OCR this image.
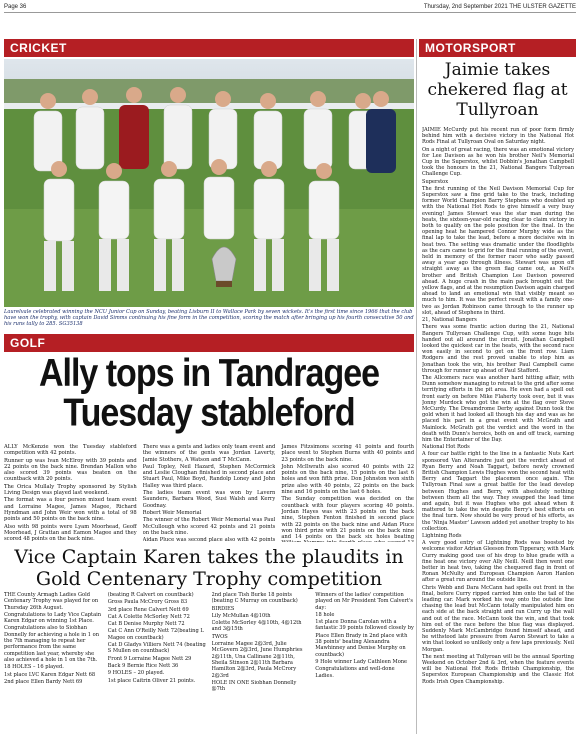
Page 36	Thursday, 2nd September 2021 THE ULSTER GAZETTE
CRICKET	MOTORSPORT
Laurelvale celebrated winning the NCU Junior Cup on Sunday, beating Lisburn II to Wallace Park by seven wickets. It's the first time since 1966 that the club have won the trophy, with captain David Simms continuing his fine form in the competition, scoring the match after bringing up his fourth consecutive 50 and his runs tally to 285. SG35138
GOLF
Ally tops in Tandragee Tuesday stableford

ALLY McKenzie won the Tuesday stableford competition with 42 points.

Runner up was Ivan McElroy with 39 points and 22 points on the back nine. Brendan Mallon who also scored 39 points was beaten on the countback with 20 points.

The Orica Mullaly Trophy sponsored by Stylish Living Design was played last weekend.

The format was a four person mixed team event and Lorraine Magee, James Magee, Richard Hyndman and John Weir won with a total of 98 points and 50 points on the back nine.

Also with 98 points were Lyam Moorhead, Geoff Moorhead, J Grattan and Eamon Magee and they scored 48 points on the back nine.

There was a gents and ladies only team event and the winners of the gents was Jordan Laverty, Jamie Stothers, A Watson and T McCann.

Paul Topley, Neil Hazard, Stephen McCormick and Leslie Cloughan finished in second place and Stuart Paul, Mike Boyd, Randolp Loney and John Halley was third place.

The ladies team event was won by Lavern Saunders, Barbara Wood, Susi Walsh and Kerry Goodnay.

Robert Weir Memorial

The winner of the Robert Weir Memorial was Paul McCullough who scored 42 points and 21 points on the back nine.

Aidan Pluce was second place also with 42 points

James Fitzsimons scoring 41 points and fourth place went to Stephen Burns with 40 points and 23 points on the back nine.

John McIlwrath also scored 40 points with 22 points on the back nine, 15 points on the last 6 holes and won fifth prize. Don Johnston won sixth prize also with 40 points, 22 points on the back nine and 16 points on the last 6 holes.

The Sunday competition was decided on the countback with four players scoring 40 points. Jordan Hayes was with 23 points on the back nine, Stephen Fenton finished in second place with 22 points on the back nine and Aidan Pluce won third prize with 21 points on the back nine and 14 points on the back six holes beating

Vice Captain Karen takes the plaudits in Gold Centenary Trophy competition

THE County Armagh Ladies Gold Centenary Trophy was played for on Thursday 26th August.

Congratulations to Lady Vice Captain Karen Edgar on winning 1st Place.

Congratulations also to Siobhan Donnelly for achieving a hole in 1 on the 7th managing to repeat her performance from the same competition last year, whereby she also achieved a hole in 1 on the 7th.

18 HOLES – 16 played.

1st place LVC Karen Edgar Nett 68

2nd place Ellen Bardy Nett 69

(beating R Calvert on countback)

Gross Paula McCrory Gross 83

3rd place Rene Calvert Nett 69

Cat A Colette McSorley Nett 72

Cat B Denise Murphy Nett 72

Cat C Ann O'Reilly Nett 72(beating L Magee on countback)

Cat D Gladys Villiers Nett 74 (beating S Mullen on countback)

Front 9 Lorraine Magee Nett 29

Back 9 Bernie Rice Nett 36

9 HOLES – 20 played.

1st place Caitrin Oliver 21 points.

2nd place Tish Burke 18 points (beating C Murray on countback)

BIRDIES

Lily McMullan 4@10th

Colette McSorley 4@10th, 4@12th and 3@15th

TWOS

Lorraine Magee 2@3rd, Julie McGovern 2@3rd, June Humphries 2@11th, Una Callinane 2@11th, Sheila Stinson 2@11th Barbara Hamilton 2@3rd, Paula McCrory 2@3rd

HOLE IN ONE Siobhan Donnelly @7th

Winners of the ladies' competition played on Mr President Tom Calvert's day:

18 hole

1st place Donna Carolan with a fantastic 39 points followed closely by

Place Ellen Brady in 2nd place with 38 points' beating Alexandra Mawhinney and Denise Murphy on countback)

9 Hole winner Lady Cathleen Mone

Congratulations and well-done Ladies.

Jaimie takes chekered flag at Tullyroan

JAIMIE McCurdy put his recent run of poor form firmly behind him with a decisive victory in the National Hot Rods Final at Tullyroan Oval on Saturday night.

On a night of great racing, there was an emotional victory for Lee Davison as he won his brother Neil's Memorial Cup in the Superstox, whilst Dobbin's Jonathan Campbell took the honours in the 21, National Bangers Tullyroan Challenge Cup.

Superstox

The first running of the Neil Davison Memorial Cup for Superstox saw a fine grid take to the track, including former World Champion Barry Stephens who doubled up with the National Hot Rods to give himself a very busy evening! James Stewart was the star man during the heats, the sixteen-year-old racing clear to claim victory in both to qualify on the pole position for the final. In the opening heat he hampered Connor Murphy wide as the final lap to take the lead, before a more decisive win in heat two. The setting was dramatic under the floodlights as the cars came to grid for the final running of the event, held in memory of the former racer who sadly passed away a year ago through illness. Stewart was upon off straight away as the green flag came out, as Neil's brother and British Champion Lee Davison powered ahead. A huge crash in the main pack brought out the yellow flags, and at the resumption Davison again charged ahead to land an emotional win that visibly meant so much to him. It was the perfect result with a family one-two as Jordan Robinson came through to the runner up slot, ahead of Stephens in third.

21, National Bangers

There was some frantic action during the 21, National Bangers Tullyroan Challenge Cup, with some huge hits handed out all around the circuit. Jonathan Campbell looked the quickest car in the heats, with the second race won easily in second to get on the front row. Liam Rodgers and the rest proved unable to stop him as Jonathan took the win, his brother Paul Campbell came through for runner up ahead of Paul Stafford.

The Allcomers race was another hard hitting affair, with Dunn somehow managing to retreat to the grid after some terrifying efforts in the pit area. He even had a spell out front early on before Mike Flaherty took over, but it was Jonny Murdock who got the win at the flag over Steve McCurdy. The Dreamdrome Derby against Dunn took the gold when it had looked all though his day and was as he placed his part in a great event with McGrath and Mainlock. McGrath got the verdict and the word in the death with Dunn's heroics, both on and off track, earning him the Entertainer of the Day.

National Hot Rods

A four car battle right to the line in a fantastic Nuts Kart sponsored Van Alterandre just got the verdict ahead of Ryan Berry and Noah Taggart, before newly crowned British Champion Lewis Hughes won the second heat with Berry and Taggart the placemen once again. The Tullyroan Final saw a great battle for the lead develop between Hughes and Berry, with absolutely nothing between them all the way. They swapped the lead time and again, but it was Hughes who got ahead when it mattered to take the win despite Berry's best efforts on the final turn. Now should be very proud of his efforts, as the 'Ninja Master' Lawson added yet another trophy to his collection.

Lightning Rods

A very good entry of Lightning Rods was boosted by welcome visitor Adrian Gleeson from Tipperary, with Mark Curry making good use of his drop to blue grade with a fine heat one victory over Ally Neill. Neill then went one better in heat two, taking the chequered flag in front of Ronan McNulty and European Champion Aaron Hanlon after a great run around the outside line.

Chris Webb and Dara McCann had spells out front in the final, before Curry ripped carried him onto the tail of the leading car. Mark worked his way onto the outside line chasing the lead but McCann totally manipulated him on each side at the back straight and ran Curry up the wall and out of the race. McCann took the win, and that took him out of the race before the blue flag was displayed. Suddenly Mark McCambridge found himself ahead, and he withstood late pressure from Aaron Stewart to take a win that looked so unlikely only a few laps previously. Neil Morgan.

The next meeting at Tullyroan will be the annual Sporting Weekend on October 2nd & 3rd, when the feature events will be National Hot Rods British Championship, the Superstox European Championship and the Classic Hot Rods Irish Open Championship.
